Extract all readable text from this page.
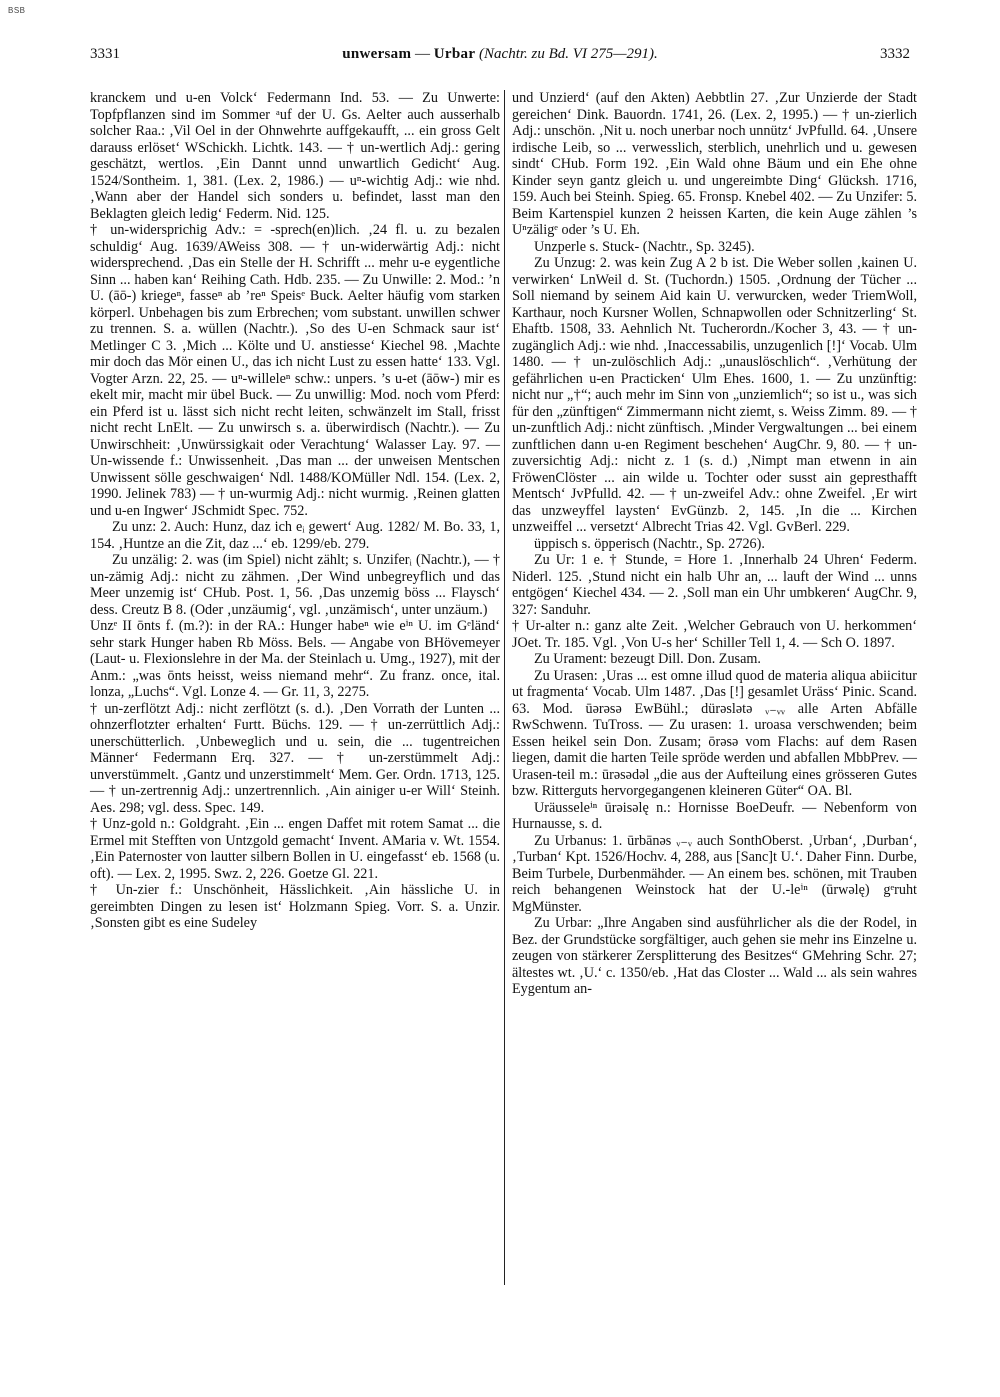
BSB
3331	unwersam — Urbar (Nachtr. zu Bd. VI 275—291).	3332

kranckem und u-en Volck‘ Federmann Ind. 53. — Zu Unwerte: Topfpflanzen sind im Sommer ᵃuf der U. Gs. Aelter auch ausserhalb solcher Raa.: ,Vil Oel in der Ohnwehrte auffgekaufft, ... ein gross Gelt darauss erlöset‘ WSchickh. Lichtk. 143. — † un-wertlich Adj.: gering geschätzt, wertlos. ‚Ein Dannt unnd unwartlich Gedicht‘ Aug. 1524/Sontheim. 1, 381. (Lex. 2, 1986.) — uⁿ-wichtig Adj.: wie nhd. ‚Wann aber der Handel sich sonders u. befindet, lasst man den Beklagten gleich ledig‘ Federm. Nid. 125.

† un-widersprichig Adv.: = -sprech(en)lich. ‚24 fl. u. zu bezalen schuldig‘ Aug. 1639/AWeiss 308. — † un-widerwärtig Adj.: nicht widersprechend. ‚Das ein Stelle der H. Schrifft ... mehr u-e eygentliche Sinn ... haben kan‘ Reihing Cath. Hdb. 235. — Zu Unwille: 2. Mod.: ’n U. (āō-) kriegeⁿ, fasseⁿ ab ’reⁿ Speisᵉ Buck. Aelter häufig vom starken körperl. Unbehagen bis zum Erbrechen; vom substant. unwillen schwer zu trennen. S. a. wüllen (Nachtr.). ‚So des U-en Schmack saur ist‘ Metlinger C 3. ‚Mich ... Költe und U. anstiesse‘ Kiechel 98. ‚Machte mir doch das Mör einen U., das ich nicht Lust zu essen hatte‘ 133. Vgl. Vogter Arzn. 22, 25. — uⁿ-willeleⁿ schw.: unpers. ’s u-et (āōw-) mir es ekelt mir, macht mir übel Buck. — Zu unwillig: Mod. noch vom Pferd: ein Pferd ist u. lässt sich nicht recht leiten, schwänzelt im Stall, frisst nicht recht LnElt. — Zu unwirsch s. a. überwirdisch (Nachtr.). — Zu Unwirschheit: ‚Unwürssigkait oder Verachtung‘ Walasser Lay. 97. — Un-wissende f.: Unwissenheit. ‚Das man ... der unweisen Mentschen Unwissent sölle geschwaigen‘ Ndl. 1488/KOMüller Ndl. 154. (Lex. 2, 1990. Jelinek 783) — † un-wurmig Adj.: nicht wurmig. ‚Reinen glatten und u-en Ingwer‘ JSchmidt Spec. 752.

Zu unz: 2. Auch: Hunz, daz ich eᵢ gewert‘ Aug. 1282/ M. Bo. 33, 1, 154. ‚Huntze an die Zit, daz ...‘ eb. 1299/eb. 279.

Zu unzälig: 2. was (im Spiel) nicht zählt; s. Unziferᵢ (Nachtr.), — † un-zämig Adj.: nicht zu zähmen. ‚Der Wind unbegreyflich und das Meer unzemig ist‘ CHub. Post. 1, 56. ‚Das unzemig böss ... Flaysch‘ dess. Creutz B 8. (Oder ‚unzäumig‘, vgl. ‚unzämisch‘, unter unzäum.)

Unzᵉ II ōnts f. (m.?): in der RA.: Hunger habeⁿ wie eⁱⁿ U. im Gᵉländ‘ sehr stark Hunger haben Rb Möss. Bels. — Angabe von BHövemeyer (Laut- u. Flexionslehre in der Ma. der Steinlach u. Umg., 1927), mit der Anm.: „was ōnts heisst, weiss niemand mehr“. Zu franz. once, ital. lonza, „Luchs“. Vgl. Lonze 4. — Gr. 11, 3, 2275.

† un-zerflötzt Adj.: nicht zerflötzt (s. d.). ‚Den Vorrath der Lunten ... ohnzerflotzter erhalten‘ Furtt. Büchs. 129. — † un-zerrüttlich Adj.: unerschütterlich. ‚Unbeweglich und u. sein, die ... tugentreichen Männer‘ Federmann Erq. 327. — † un-zerstümmelt Adj.: unverstümmelt. ‚Gantz und unzerstimmelt‘ Mem. Ger. Ordn. 1713, 125. — † un-zertrennig Adj.: unzertrennlich. ‚Ain ainiger u-er Will‘ Steinh. Aes. 298; vgl. dess. Spec. 149.

† Unz-gold n.: Goldgraht. ‚Ein ... engen Daffet mit rotem Samat ... die Ermel mit Stefften von Untzgold gemacht‘ Invent. AMaria v. Wt. 1554. ‚Ein Paternoster von lautter silbern Bollen in U. eingefasst‘ eb. 1568 (u. oft). — Lex. 2, 1995. Swz. 2, 226. Goetze Gl. 221.

† Un-zier f.: Unschönheit, Hässlichkeit. ‚Ain hässliche U. in gereimbten Dingen zu lesen ist‘ Holzmann Spieg. Vorr. S. a. Unzir. ‚Sonsten gibt es eine Sudeley

und Unzierd‘ (auf den Akten) Aebbtlin 27. ‚Zur Unzierde der Stadt gereichen‘ Dink. Bauordn. 1741, 26. (Lex. 2, 1995.) — † un-zierlich Adj.: unschön. ‚Nit u. noch unerbar noch unnütz‘ JvPfulld. 64. ‚Unsere irdische Leib, so ... verwesslich, sterblich, unehrlich und u. gewesen sindt‘ CHub. Form 192. ‚Ein Wald ohne Bäum und ein Ehe ohne Kinder seyn gantz gleich u. und ungereimbte Ding‘ Glücksh. 1716, 159. Auch bei Steinh. Spieg. 65. Fronsp. Knebel 402. — Zu Unzifer: 5. Beim Kartenspiel kunzen 2 heissen Karten, die kein Auge zählen ’s Uⁿzäligᵉ oder ’s U. Eh.

Unzperle s. Stuck- (Nachtr., Sp. 3245).

Zu Unzug: 2. was kein Zug A 2 b ist. Die Weber sollen ‚kainen U. verwirken‘ LnWeil d. St. (Tuchordn.) 1505. ‚Ordnung der Tücher ... Soll niemand by seinem Aid kain U. verwurcken, weder TriemWoll, Karthaur, noch Kursner Wollen, Schnapwollen oder Schnitzerling‘ St. Ehaftb. 1508, 33. Aehnlich Nt. Tucherordn./Kocher 3, 43. — † un-zugänglich Adj.: wie nhd. ‚Inaccessabilis, unzugenlich [!]‘ Vocab. Ulm 1480. — † un-zulöschlich Adj.: „unauslöschlich“. ‚Verhütung der gefährlichen u-en Practicken‘ Ulm Ehes. 1600, 1. — Zu unzünftig: nicht nur „†“; auch mehr im Sinn von „unziemlich“; so ist u., was sich für den „zünftigen“ Zimmermann nicht ziemt, s. Weiss Zimm. 89. — † un-zunftlich Adj.: nicht zünftisch. ‚Minder Vergwaltungen ... bei einem zunftlichen dann u-en Regiment beschehen‘ AugChr. 9, 80. — † un-zuversichtig Adj.: nicht z. 1 (s. d.) ‚Nimpt man etwenn in ain FröwenClöster ... ain wilde u. Tochter oder susst ain gepresthafft Mentsch‘ JvPfulld. 42. — † un-zweifel Adv.: ohne Zweifel. ‚Er wirt das unzweyffel laysten‘ EvGünzb. 2, 145. ‚In die ... Kirchen unzweiffel ... versetzt‘ Albrecht Trias 42. Vgl. GvBerl. 229.

üppisch s. öpperisch (Nachtr., Sp. 2726).

Zu Ur: 1 e. † Stunde, = Hore 1. ‚Innerhalb 24 Uhren‘ Federm. Niderl. 125. ‚Stund nicht ein halb Uhr an, ... lauft der Wind ... unns entgögen‘ Kiechel 434. — 2. ‚Soll man ein Uhr umbkeren‘ AugChr. 9, 327: Sanduhr.

† Ur-alter n.: ganz alte Zeit. ‚Welcher Gebrauch von U. herkommen‘ JOet. Tr. 185. Vgl. ‚Von U-s her‘ Schiller Tell 1, 4. — Sch O. 1897.

Zu Urament: bezeugt Dill. Don. Zusam.

Zu Urasen: ‚Uras ... est omne illud quod de materia aliqua abiicitur ut fragmenta‘ Vocab. Ulm 1487. ‚Das [!] gesamlet Uräss‘ Pinic. Scand. 63. Mod. ūərəsə EwBühl.; dürəslətə ᵥ₋ᵥᵥ alle Arten Abfälle RwSchwenn. TuTross. — Zu urasen: 1. uroasa verschwenden; beim Essen heikel sein Don. Zusam; ōrəsə vom Flachs: auf dem Rasen liegen, damit die harten Teile spröde werden und abfallen MbbPrev. — Urasen-teil m.: ūrəsədəl „die aus der Aufteilung eines grösseren Gutes bzw. Ritterguts hervorgegangenen kleineren Güter“ OA. Bl.

Uräusseleⁱⁿ ūrəisəlę n.: Hornisse BoeDeufr. — Nebenform von Hurnausse, s. d.

Zu Urbanus: 1. ūrbānəs ᵥ₋ᵥ auch SonthOberst. ‚Urban‘, ‚Durban‘, ‚Turban‘ Kpt. 1526/Hochv. 4, 288, aus [Sanc]t U.‘. Daher Finn. Durbe, Beim Turbele, Durbenmähder. — An einem bes. schönen, mit Trauben reich behangenen Weinstock hat der U.-leⁱⁿ (ūrwəlę) gᵉruht MgMünster.

Zu Urbar: „Ihre Angaben sind ausführlicher als die der Rodel, in Bez. der Grundstücke sorgfältiger, auch gehen sie mehr ins Einzelne u. zeugen von stärkerer Zersplitterung des Besitzes“ GMehring Schr. 27; ältestes wt. ‚U.‘ c. 1350/eb. ‚Hat das Closter ... Wald ... als sein wahres Eygentum an-
